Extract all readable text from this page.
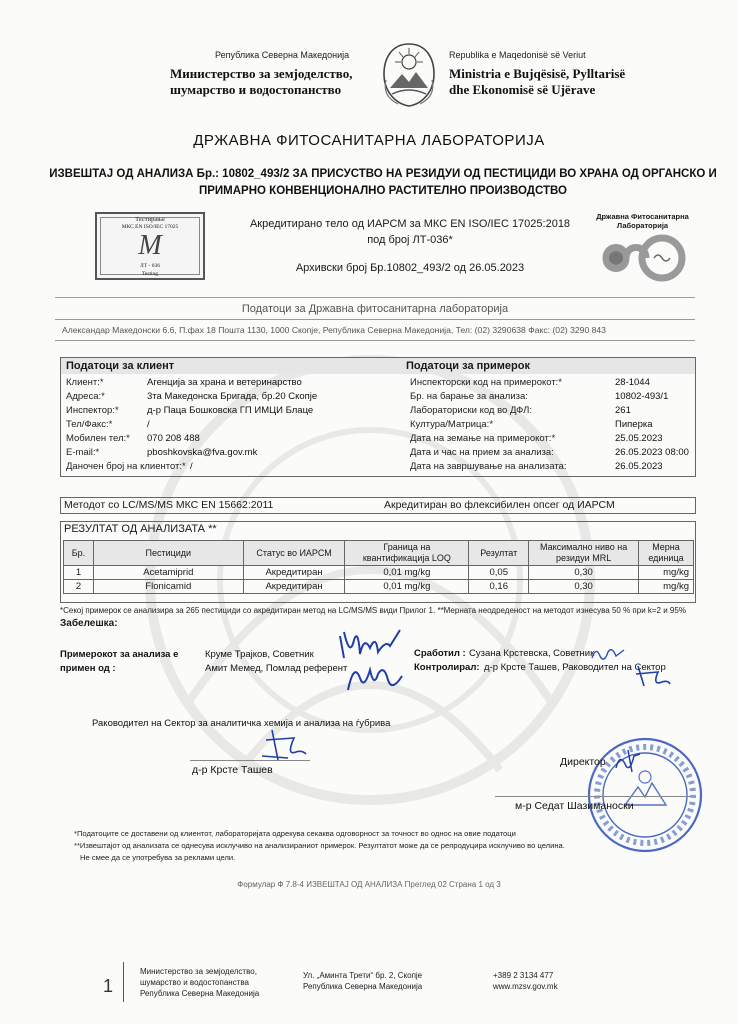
Република Северна Македонија
Министерство за земјоделство,
шумарство и водостопанство
Republika e Maqedonisë së Veriut
Ministria e Bujqësisë, Pylltarisë
dhe Ekonomisë së Ujërave
ДРЖАВНА ФИТОСАНИТАРНА ЛАБОРАТОРИЈА
ИЗВЕШТАЈ ОД АНАЛИЗА Бр.: 10802_493/2 ЗА ПРИСУСТВО НА РЕЗИДУИ ОД ПЕСТИЦИДИ ВО ХРАНА ОД ОРГАНСКО И
ПРИМАРНО КОНВЕНЦИОНАЛНО РАСТИТЕЛНО ПРОИЗВОДСТВО
Тестирање
МКС EN ISO/IEC 17025
M
ЛТ - 036
Testing
Акредитирано тело од ИАРСМ за МКС EN ISO/IEC 17025:2018
под број ЛТ-036*
Архивски број Бр.10802_493/2 од 26.05.2023
Државна Фитосанитарна
Лабораторија
Податоци за Државна фитосанитарна лабораторија
Александар Македонски 6.6, П.фах 18 Пошта 1130, 1000 Скопје, Република Северна Македонија, Тел: (02) 3290638 Факс: (02) 3290 843
Податоци за клиент	Податоци за примерок
Клиент:*	Агенција за храна и ветеринарство
Адреса:*	3та Македонска Бригада, бр.20 Скопје
Инспектор:*	д-р Паца Бошковска ГП ИМЦИ Блаце
Тел/Факс:*	/
Мобилен тел:* 070 208 488
E-mail:*	pboshkovska@fva.gov.mk
Даночен број на клиентот:* /
Инспекторски код на примерокот:*	28-1044
Бр. на барање за анализа:	10802-493/1
Лабораториски код во ДФЛ:	261
Култура/Матрица:*	Пиперка
Дата на земање на примерокот:*	25.05.2023
Дата и час на прием за анализа:	26.05.2023 08:00
Дата на завршување на анализата:	26.05.2023
Методот со LC/MS/MS МКС EN 15662:2011	Акредитиран во флексибилен опсег од ИАРСМ
РЕЗУЛТАТ ОД АНАЛИЗАТА **
Бр.	Пестициди	Статус во ИАРСМ	Граница на квантификација LOQ	Резултат	Максимално ниво на резидуи MRL	Мерна единица
1	Acetamiprid	Акредитиран	0,01 mg/kg	0,05	0,30	mg/kg
2	Flonicamid	Акредитиран	0,01 mg/kg	0,16	0,30	mg/kg
*Секој примерок се анализира за 265 пестициди со акредитиран метод на LC/MS/MS види Прилог 1. **Мерната неодреденост на методот изнесува 50 % при k=2 и 95%
Забелешка:
Примерокот за анализа е
примен од :
Круме Трајков, Советник
Амит Мемед, Помлад референт
Сработил : Сузана Крстевска, Советник
Контролирал: д-р Крсте Ташев, Раководител на Сектор
Раководител на Сектор за аналитичка хемија и анализа на ѓубрива
д-р Крсте Ташев
Директор
м-р Седат Шазиманоски
*Податоците се доставени од клиентот, лабораторијата одрекува секаква одговорност за точност во однос на овие податоци
**Извештајот од анализата се однесува исклучиво на анализираниот примерок. Резултатот може да се репродуцира исклучиво во целина.
Не смее да се употребува за реклами цели.
Формулар Ф 7.8-4 ИЗВЕШТАЈ ОД АНАЛИЗА Преглед 02 Страна 1 од 3
1
Министерство за земјоделство,
шумарство и водостопанства
Република Северна Македонија
Ул. „Аминта Трети“ бр. 2, Скопје
Република Северна Македонија
+389 2 3134 477
www.mzsv.gov.mk
